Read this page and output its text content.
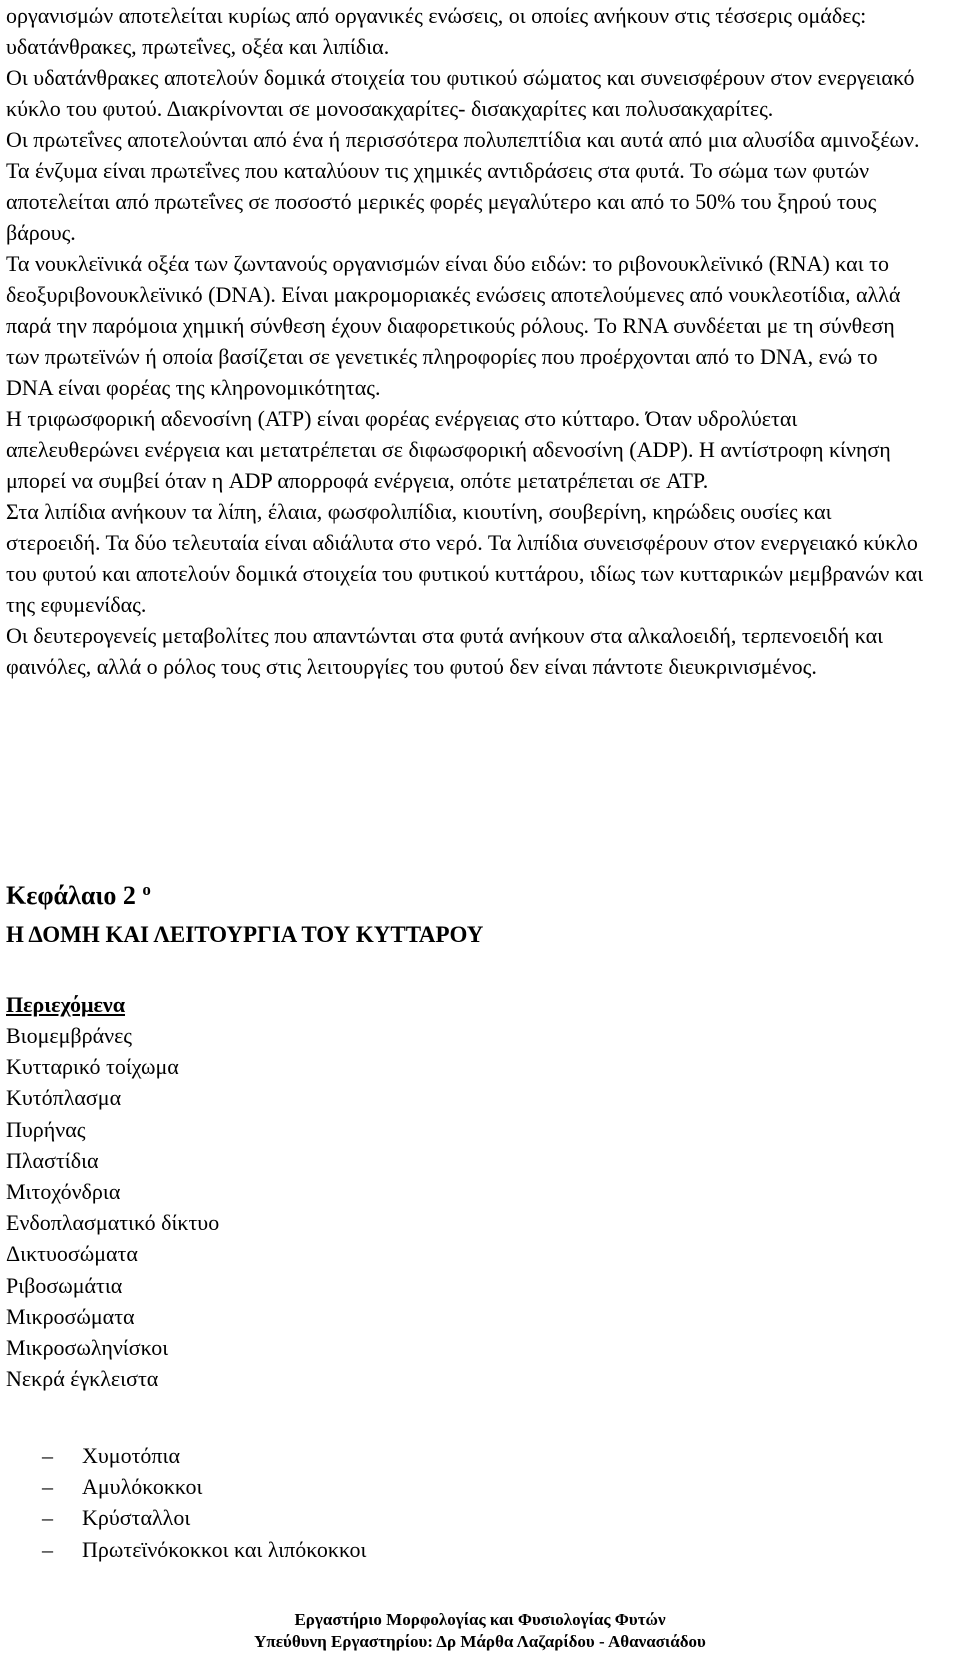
οργανισμών αποτελείται κυρίως από οργανικές ενώσεις, οι οποίες ανήκουν στις τέσσερις ομάδες: υδατάνθρακες, πρωτεΐνες, οξέα και λιπίδια.

Οι υδατάνθρακες αποτελούν δομικά στοιχεία του φυτικού σώματος και συνεισφέρουν στον ενεργειακό κύκλο του φυτού. Διακρίνονται σε μονοσακχαρίτες- δισακχαρίτες και πολυσακχαρίτες.

Οι πρωτεΐνες αποτελούνται από ένα ή περισσότερα πολυπεπτίδια και αυτά από μια αλυσίδα αμινοξέων. Τα ένζυμα είναι πρωτεΐνες που καταλύουν τις χημικές αντιδράσεις στα φυτά. Το σώμα των φυτών αποτελείται από πρωτεΐνες σε ποσοστό μερικές φορές μεγαλύτερο και από το 50% του ξηρού τους βάρους.

Τα νουκλεϊνικά οξέα των ζωντανούς οργανισμών είναι δύο ειδών: το ριβονουκλεϊνικό (RNA) και το δεοξυριβονουκλεϊνικό (DNA). Είναι μακρομοριακές ενώσεις αποτελούμενες από νουκλεοτίδια, αλλά παρά την παρόμοια χημική σύνθεση έχουν διαφορετικούς ρόλους. Το RNA συνδέεται με τη σύνθεση των πρωτεϊνών ή οποία βασίζεται σε γενετικές πληροφορίες που προέρχονται από το DNA, ενώ το DNA είναι φορέας της κληρονομικότητας.

Η τριφωσφορική αδενοσίνη (ATP) είναι φορέας ενέργειας στο κύτταρο. Όταν υδρολύεται απελευθερώνει ενέργεια και μετατρέπεται σε διφωσφορική αδενοσίνη (ADP). Η αντίστροφη κίνηση μπορεί να συμβεί όταν η ADP απορροφά ενέργεια, οπότε μετατρέπεται σε ATP.

Στα λιπίδια ανήκουν τα λίπη, έλαια, φωσφολιπίδια, κιουτίνη, σουβερίνη, κηρώδεις ουσίες και στεροειδή. Τα δύο τελευταία είναι αδιάλυτα στο νερό. Τα λιπίδια συνεισφέρουν στον ενεργειακό κύκλο του φυτού και αποτελούν δομικά στοιχεία του φυτικού κυττάρου, ιδίως των κυτταρικών μεμβρανών και της εφυμενίδας.

Οι δευτερογενείς μεταβολίτες που απαντώνται στα φυτά ανήκουν στα αλκαλοειδή, τερπενοειδή και φαινόλες, αλλά ο ρόλος τους στις λειτουργίες του φυτού δεν είναι πάντοτε διευκρινισμένος.

Κεφάλαιο 2 $^o$
Η ΔΟΜΗ ΚΑΙ ΛΕΙΤΟΥΡΓΙΑ ΤΟΥ ΚΥΤΤΑΡΟΥ
Περιεχόμενα
Βιομεμβράνες
Κυτταρικό τοίχωμα
Κυτόπλασμα
Πυρήνας
Πλαστίδια
Μιτοχόνδρια
Ενδοπλασματικό δίκτυο
Δικτυοσώματα
Ριβοσωμάτια
Μικροσώματα
Μικροσωληνίσκοι
Νεκρά έγκλειστα
– Χυμοτόπια
– Αμυλόκοκκοι
– Κρύσταλλοι
– Πρωτεϊνόκοκκοι και λιπόκοκκοι
Εργαστήριο Μορφολογίας και Φυσιολογίας Φυτών
Υπεύθυνη Εργαστηρίου: Δρ Μάρθα Λαζαρίδου - Αθανασιάδου
